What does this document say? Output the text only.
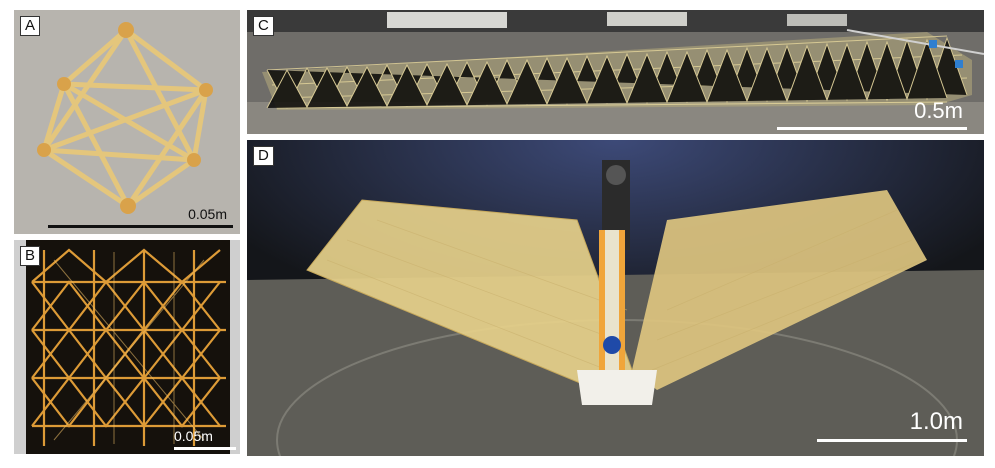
A
0.05m
B
0.05m
C
0.5m
D
1.0m
